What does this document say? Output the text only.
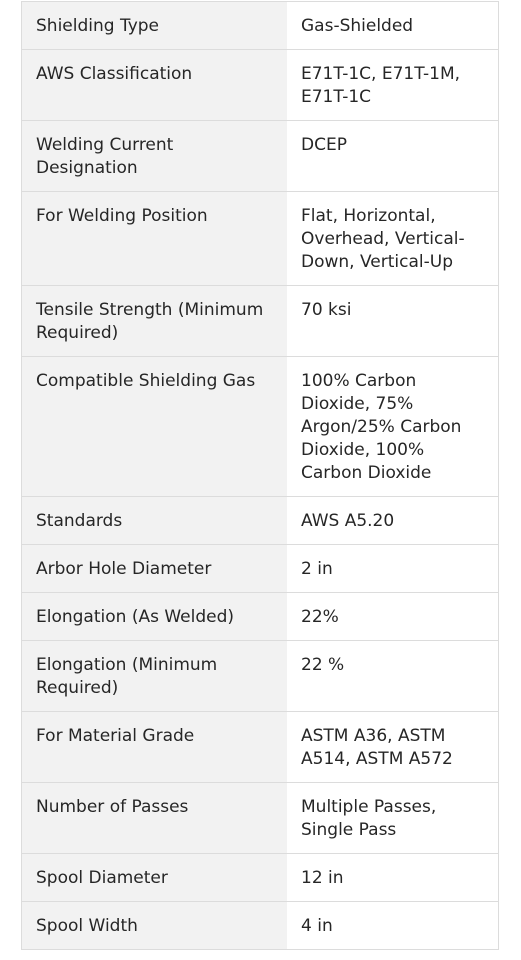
Shielding Type	Gas-Shielded
AWS Classification	E71T-1C, E71T-1M, E71T-1C
Welding Current Designation	DCEP
For Welding Position	Flat, Horizontal, Overhead, Vertical-Down, Vertical-Up
Tensile Strength (Minimum Required)	70 ksi
Compatible Shielding Gas	100% Carbon Dioxide, 75% Argon/25% Carbon Dioxide, 100% Carbon Dioxide
Standards	AWS A5.20
Arbor Hole Diameter	2 in
Elongation (As Welded)	22%
Elongation (Minimum Required)	22 %
For Material Grade	ASTM A36, ASTM A514, ASTM A572
Number of Passes	Multiple Passes, Single Pass
Spool Diameter	12 in
Spool Width	4 in
